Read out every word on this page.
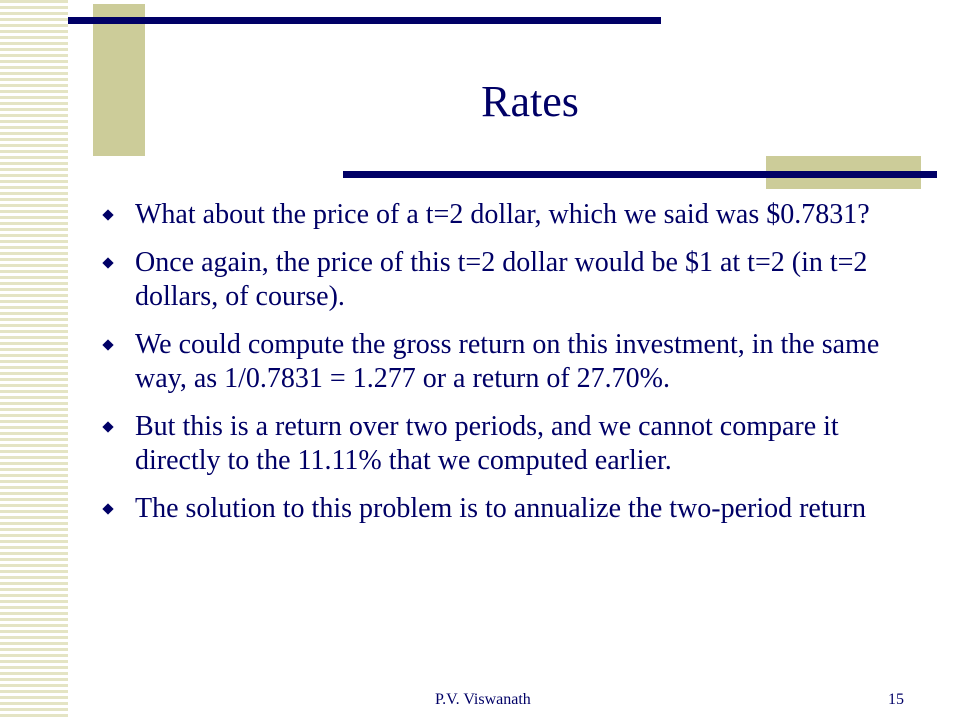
Rates
What about the price of a t=2 dollar, which we said was $0.7831?
Once again, the price of this t=2 dollar would be $1 at t=2 (in t=2 dollars, of course).
We could compute the gross return on this investment, in the same way, as 1/0.7831 = 1.277 or a return of 27.70%.
But this is a return over two periods, and we cannot compare it directly to the 11.11% that we computed earlier.
The solution to this problem is to annualize the two-period return
P.V. Viswanath	15
